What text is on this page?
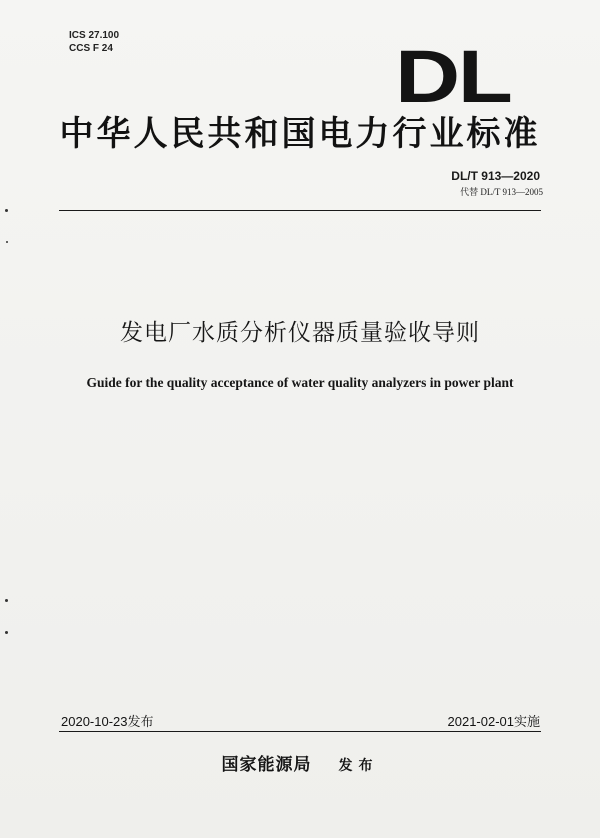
ICS 27.100
CCS F 24	DL
中华人民共和国电力行业标准
DL/T 913—2020
代替 DL/T 913—2005
发电厂水质分析仪器质量验收导则
Guide for the quality acceptance of water quality analyzers in power plant
2020-10-23发布	2021-02-01实施
国家能源局 发布
